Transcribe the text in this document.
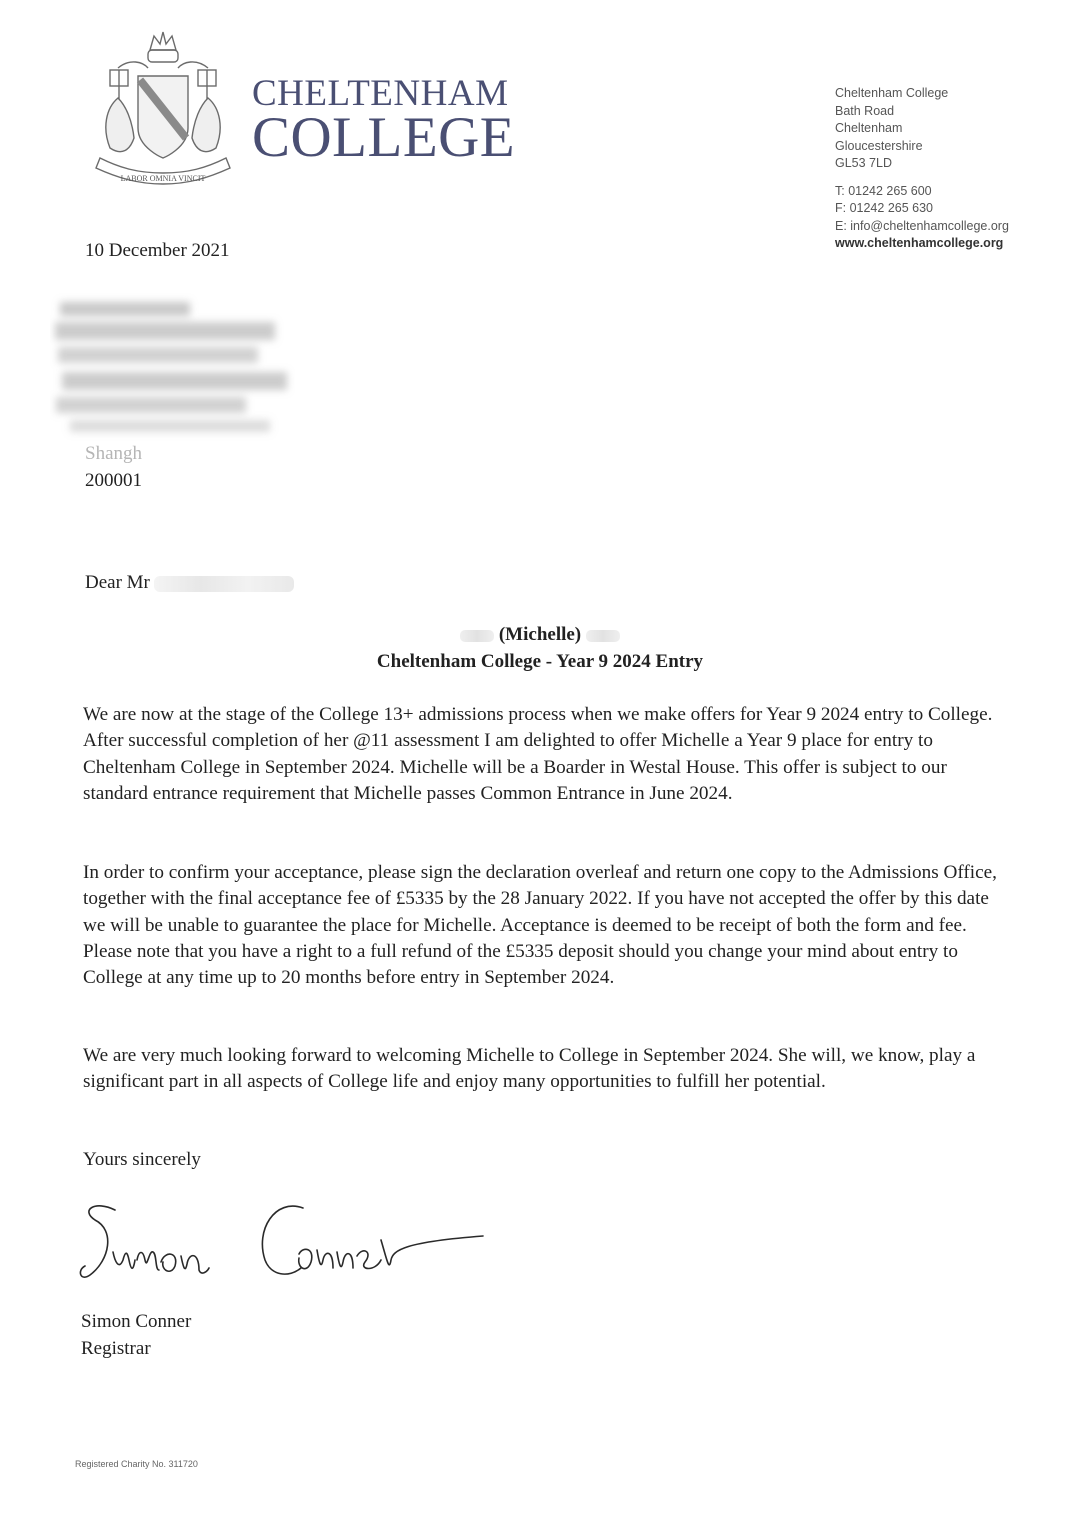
LABOR OMNIA VINCIT
CHELTENHAM
COLLEGE
Cheltenham College
Bath Road
Cheltenham
Gloucestershire
GL53 7LD
T: 01242 265 600
F: 01242 265 630
E: info@cheltenhamcollege.org
www.cheltenhamcollege.org
10 December 2021
Shangh
200001
Dear Mr
(Michelle)
Cheltenham College - Year 9 2024 Entry

We are now at the stage of the College 13+ admissions process when we make offers for Year 9 2024 entry to College. After successful completion of her @11 assessment I am delighted to offer Michelle a Year 9 place for entry to Cheltenham College in September 2024. Michelle will be a Boarder in Westal House. This offer is subject to our standard entrance requirement that Michelle passes Common Entrance in June 2024.

In order to confirm your acceptance, please sign the declaration overleaf and return one copy to the Admissions Office, together with the final acceptance fee of £5335 by the 28 January 2022. If you have not accepted the offer by this date we will be unable to guarantee the place for Michelle. Acceptance is deemed to be receipt of both the form and fee. Please note that you have a right to a full refund of the £5335 deposit should you change your mind about entry to College at any time up to 20 months before entry in September 2024.

We are very much looking forward to welcoming Michelle to College in September 2024. She will, we know, play a significant part in all aspects of College life and enjoy many opportunities to fulfill her potential.

Yours sincerely
Simon Conner
Registrar
Registered Charity No. 311720
